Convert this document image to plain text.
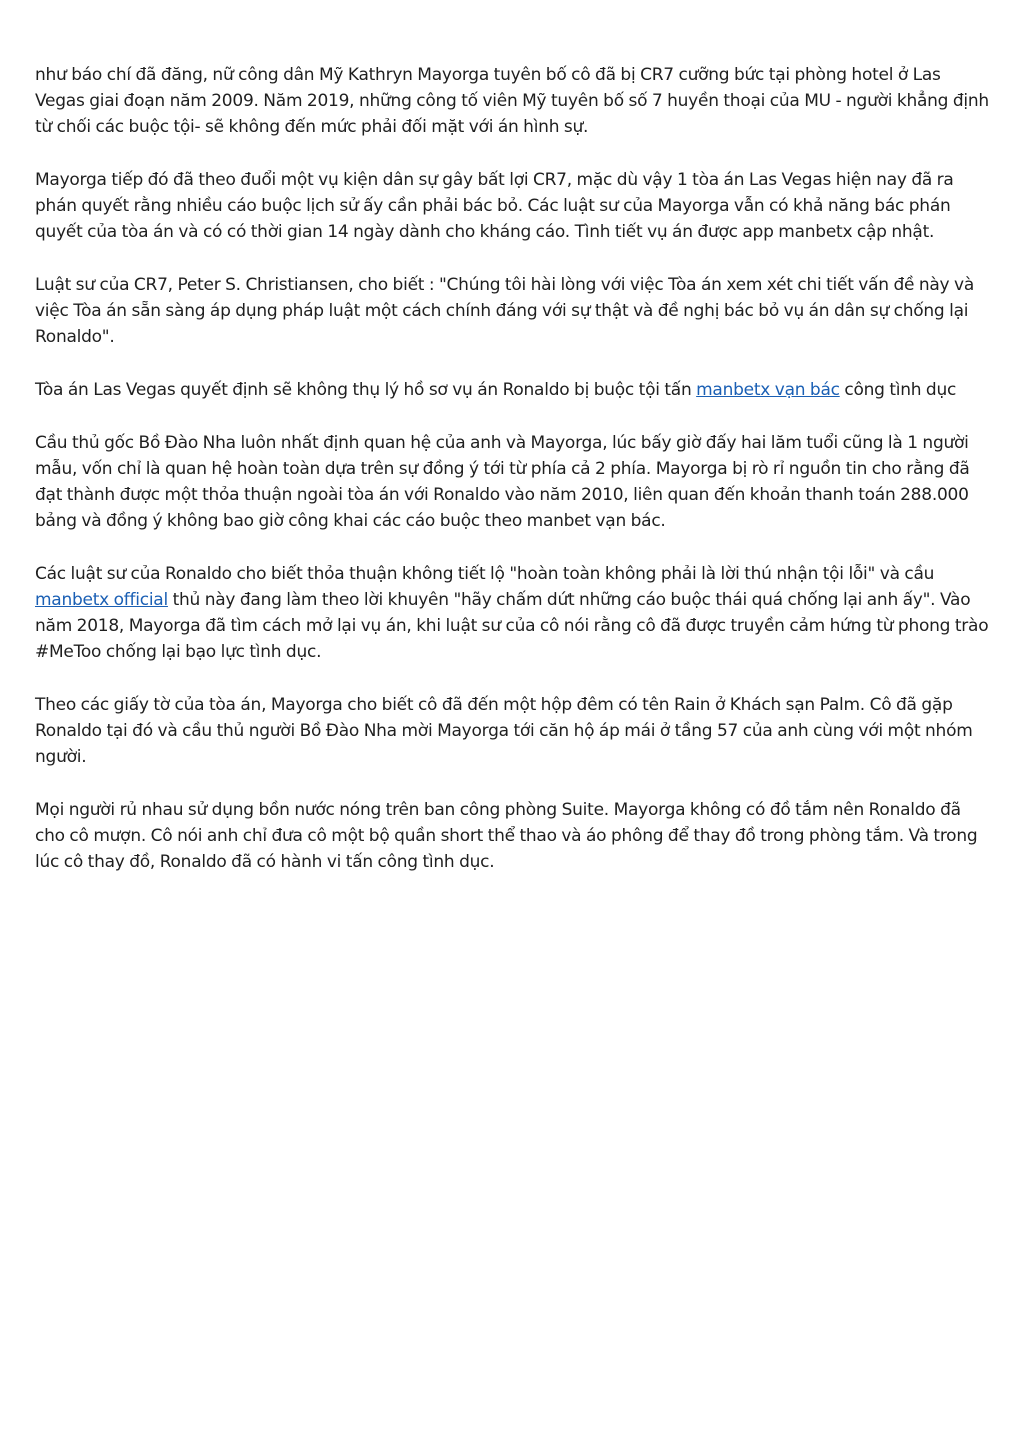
như báo chí đã đăng, nữ công dân Mỹ Kathryn Mayorga tuyên bố cô đã bị CR7 cưỡng bức tại phòng hotel ở Las Vegas giai đoạn năm 2009. Năm 2019, những công tố viên Mỹ tuyên bố số 7 huyền thoại của MU - người khẳng định từ chối các buộc tội- sẽ không đến mức phải đối mặt với án hình sự.

Mayorga tiếp đó đã theo đuổi một vụ kiện dân sự gây bất lợi CR7, mặc dù vậy 1 tòa án Las Vegas hiện nay đã ra phán quyết rằng nhiều cáo buộc lịch sử ấy cần phải bác bỏ. Các luật sư của Mayorga vẫn có khả năng bác phán quyết của tòa án và có có thời gian 14 ngày dành cho kháng cáo. Tình tiết vụ án được app manbetx cập nhật.

Luật sư của CR7, Peter S. Christiansen, cho biết : "Chúng tôi hài lòng với việc Tòa án xem xét chi tiết vấn đề này và việc Tòa án sẵn sàng áp dụng pháp luật một cách chính đáng với sự thật và đề nghị bác bỏ vụ án dân sự chống lại Ronaldo".

Tòa án Las Vegas quyết định sẽ không thụ lý hồ sơ vụ án Ronaldo bị buộc tội tấn manbetx vạn bác công tình dục

Cầu thủ gốc Bồ Đào Nha luôn nhất định quan hệ của anh và Mayorga, lúc bấy giờ đấy hai lăm tuổi cũng là 1 người mẫu, vốn chỉ là quan hệ hoàn toàn dựa trên sự đồng ý tới từ phía cả 2 phía. Mayorga bị rò rỉ nguồn tin cho rằng đã đạt thành được một thỏa thuận ngoài tòa án với Ronaldo vào năm 2010, liên quan đến khoản thanh toán 288.000 bảng và đồng ý không bao giờ công khai các cáo buộc theo manbet vạn bác.

Các luật sư của Ronaldo cho biết thỏa thuận không tiết lộ "hoàn toàn không phải là lời thú nhận tội lỗi" và cầu manbetx official thủ này đang làm theo lời khuyên "hãy chấm dứt những cáo buộc thái quá chống lại anh ấy". Vào năm 2018, Mayorga đã tìm cách mở lại vụ án, khi luật sư của cô nói rằng cô đã được truyền cảm hứng từ phong trào #MeToo chống lại bạo lực tình dục.

Theo các giấy tờ của tòa án, Mayorga cho biết cô đã đến một hộp đêm có tên Rain ở Khách sạn Palm. Cô đã gặp Ronaldo tại đó và cầu thủ người Bồ Đào Nha mời Mayorga tới căn hộ áp mái ở tầng 57 của anh cùng với một nhóm người.

Mọi người rủ nhau sử dụng bồn nước nóng trên ban công phòng Suite. Mayorga không có đồ tắm nên Ronaldo đã cho cô mượn. Cô nói anh chỉ đưa cô một bộ quần short thể thao và áo phông để thay đồ trong phòng tắm. Và trong lúc cô thay đồ, Ronaldo đã có hành vi tấn công tình dục.
